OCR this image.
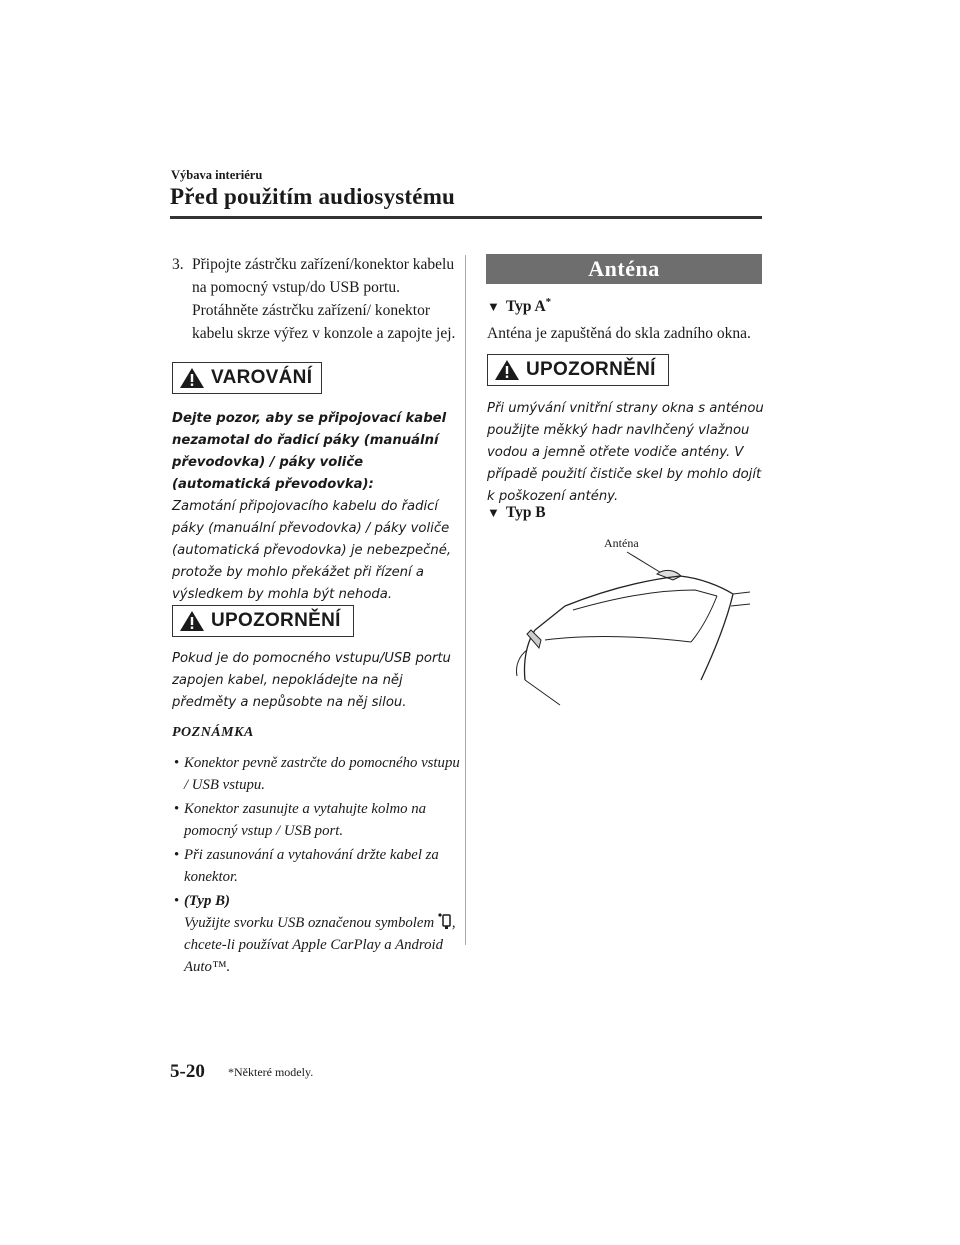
Výbava interiéru
Před použitím audiosystému
3. Připojte zástrčku zařízení/konektor kabelu na pomocný vstup/do USB portu. Protáhněte zástrčku zařízení/ konektor kabelu skrze výřez v konzole a zapojte jej.
VAROVÁNÍ
Dejte pozor, aby se připojovací kabel nezamotal do řadicí páky (manuální převodovka) / páky voliče (automatická převodovka):
Zamotání připojovacího kabelu do řadicí páky (manuální převodovka) / páky voliče (automatická převodovka) je nebezpečné, protože by mohlo překážet při řízení a výsledkem by mohla být nehoda.
UPOZORNĚNÍ
Pokud je do pomocného vstupu/USB portu zapojen kabel, nepokládejte na něj předměty a nepůsobte na něj silou.
POZNÁMKA
• Konektor pevně zastrčte do pomocného vstupu / USB vstupu.
• Konektor zasunujte a vytahujte kolmo na pomocný vstup / USB port.
• Při zasunování a vytahování držte kabel za konektor.
• (Typ B)
Využijte svorku USB označenou symbolem , chcete-li používat Apple CarPlay a Android Auto™.
Anténa
▼ Typ A*
Anténa je zapuštěná do skla zadního okna.
UPOZORNĚNÍ
Při umývání vnitřní strany okna s anténou použijte měkký hadr navlhčený vlažnou vodou a jemně otřete vodiče antény. V případě použití čističe skel by mohlo dojít k poškození antény.
▼ Typ B
Anténa
5-20 *Některé modely.
